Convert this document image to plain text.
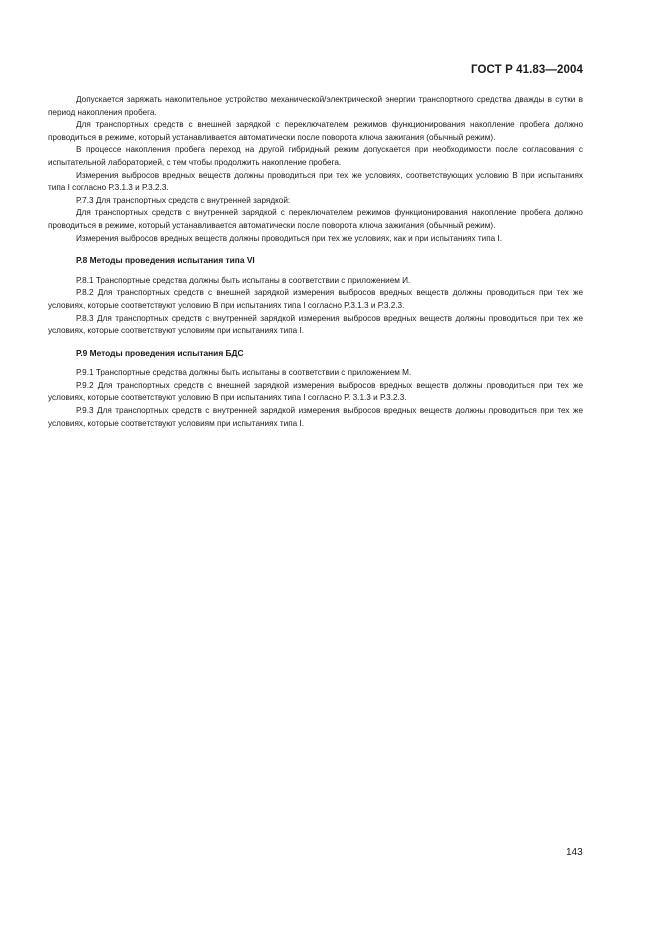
ГОСТ Р 41.83—2004

Допускается заряжать накопительное устройство механической/электрической энергии транспортного средства дважды в сутки в период накопления пробега.

Для транспортных средств с внешней зарядкой с переключателем режимов функционирования накопление пробега должно проводиться в режиме, который устанавливается автоматически после поворота ключа зажигания (обычный режим).

В процессе накопления пробега переход на другой гибридный режим допускается при необходимости после согласования с испытательной лабораторией, с тем чтобы продолжить накопление пробега.

Измерения выбросов вредных веществ должны проводиться при тех же условиях, соответствующих условию В при испытаниях типа I согласно Р.3.1.3 и Р.3.2.3.

Р.7.3 Для транспортных средств с внутренней зарядкой:

Для транспортных средств с внутренней зарядкой с переключателем режимов функционирования накопление пробега должно проводиться в режиме, который устанавливается автоматически после поворота ключа зажигания (обычный режим).

Измерения выбросов вредных веществ должны проводиться при тех же условиях, как и при испытаниях типа I.

Р.8 Методы проведения испытания типа VI

Р.8.1 Транспортные средства должны быть испытаны в соответствии с приложением И.

Р.8.2 Для транспортных средств с внешней зарядкой измерения выбросов вредных веществ должны проводиться при тех же условиях, которые соответствуют условию В при испытаниях типа I согласно Р.3.1.3 и Р.3.2.3.

Р.8.3 Для транспортных средств с внутренней зарядкой измерения выбросов вредных веществ должны проводиться при тех же условиях, которые соответствуют условиям при испытаниях типа I.

Р.9 Методы проведения испытания БДС

Р.9.1 Транспортные средства должны быть испытаны в соответствии с приложением М.

Р.9.2 Для транспортных средств с внешней зарядкой измерения выбросов вредных веществ должны проводиться при тех же условиях, которые соответствуют условию В при испытаниях типа I согласно Р. 3.1.3 и Р.3.2.3.

Р.9.3 Для транспортных средств с внутренней зарядкой измерения выбросов вредных веществ должны проводиться при тех же условиях, которые соответствуют условиям при испытаниях типа I.

143
